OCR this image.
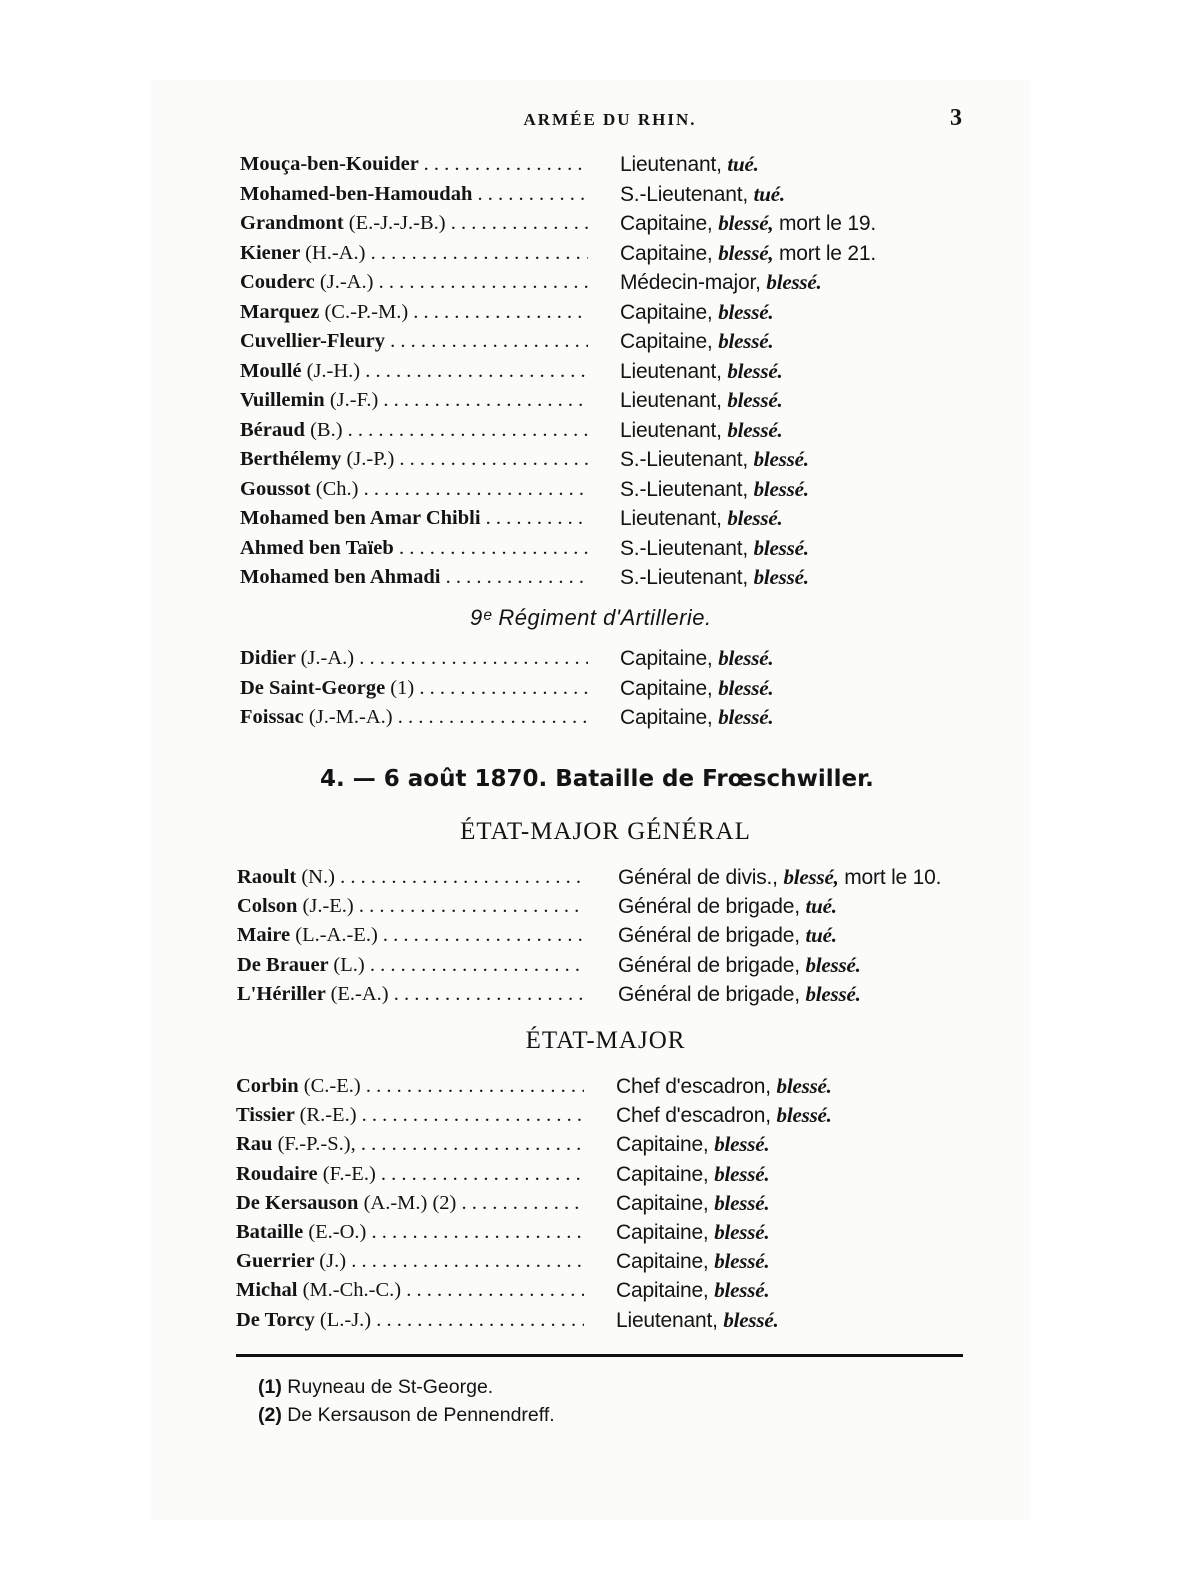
ARMÉE DU RHIN.	3
Mouça-ben-Kouider . . .	Lieutenant, tué.
Mohamed-ben-Hamoudah . . .	S.-Lieutenant, tué.
Grandmont (E.-J.-J.-B.) . . .	Capitaine, blessé, mort le 19.
Kiener (H.-A.) . . .	Capitaine, blessé, mort le 21.
Couderc (J.-A.) . . .	Médecin-major, blessé.
Marquez (C.-P.-M.) . . .	Capitaine, blessé.
Cuvellier-Fleury . . .	Capitaine, blessé.
Moullé (J.-H.) . . .	Lieutenant, blessé.
Vuillemin (J.-F.) . . .	Lieutenant, blessé.
Béraud (B.) . . .	Lieutenant, blessé.
Berthélemy (J.-P.) . . .	S.-Lieutenant, blessé.
Goussot (Ch.) . . .	S.-Lieutenant, blessé.
Mohamed ben Amar Chibli . . .	Lieutenant, blessé.
Ahmed ben Taïeb . . .	S.-Lieutenant, blessé.
Mohamed ben Ahmadi . . .	S.-Lieutenant, blessé.
9ᵉ Régiment d'Artillerie.
Didier (J.-A.) . . .	Capitaine, blessé.
De Saint-George (1) . . .	Capitaine, blessé.
Foissac (J.-M.-A.) . . .	Capitaine, blessé.
4. — 6 août 1870. Bataille de Frœschwiller.
ÉTAT-MAJOR GÉNÉRAL
Raoult (N.) . . .	Général de divis., blessé, mort le 10.
Colson (J.-E.) . . .	Général de brigade, tué.
Maire (L.-A.-E.) . . .	Général de brigade, tué.
De Brauer (L.) . . .	Général de brigade, blessé.
L'Hériller (E.-A.) . . .	Général de brigade, blessé.
ÉTAT-MAJOR
Corbin (C.-E.) . . .	Chef d'escadron, blessé.
Tissier (R.-E.) . . .	Chef d'escadron, blessé.
Rau (F.-P.-S.), . . .	Capitaine, blessé.
Roudaire (F.-E.) . . .	Capitaine, blessé.
De Kersauson (A.-M.) (2) . . .	Capitaine, blessé.
Bataille (E.-O.) . . .	Capitaine, blessé.
Guerrier (J.) . . .	Capitaine, blessé.
Michal (M.-Ch.-C.) . . .	Capitaine, blessé.
De Torcy (L.-J.) . . .	Lieutenant, blessé.
(1) Ruyneau de St-George.
(2) De Kersauson de Pennendreff.
